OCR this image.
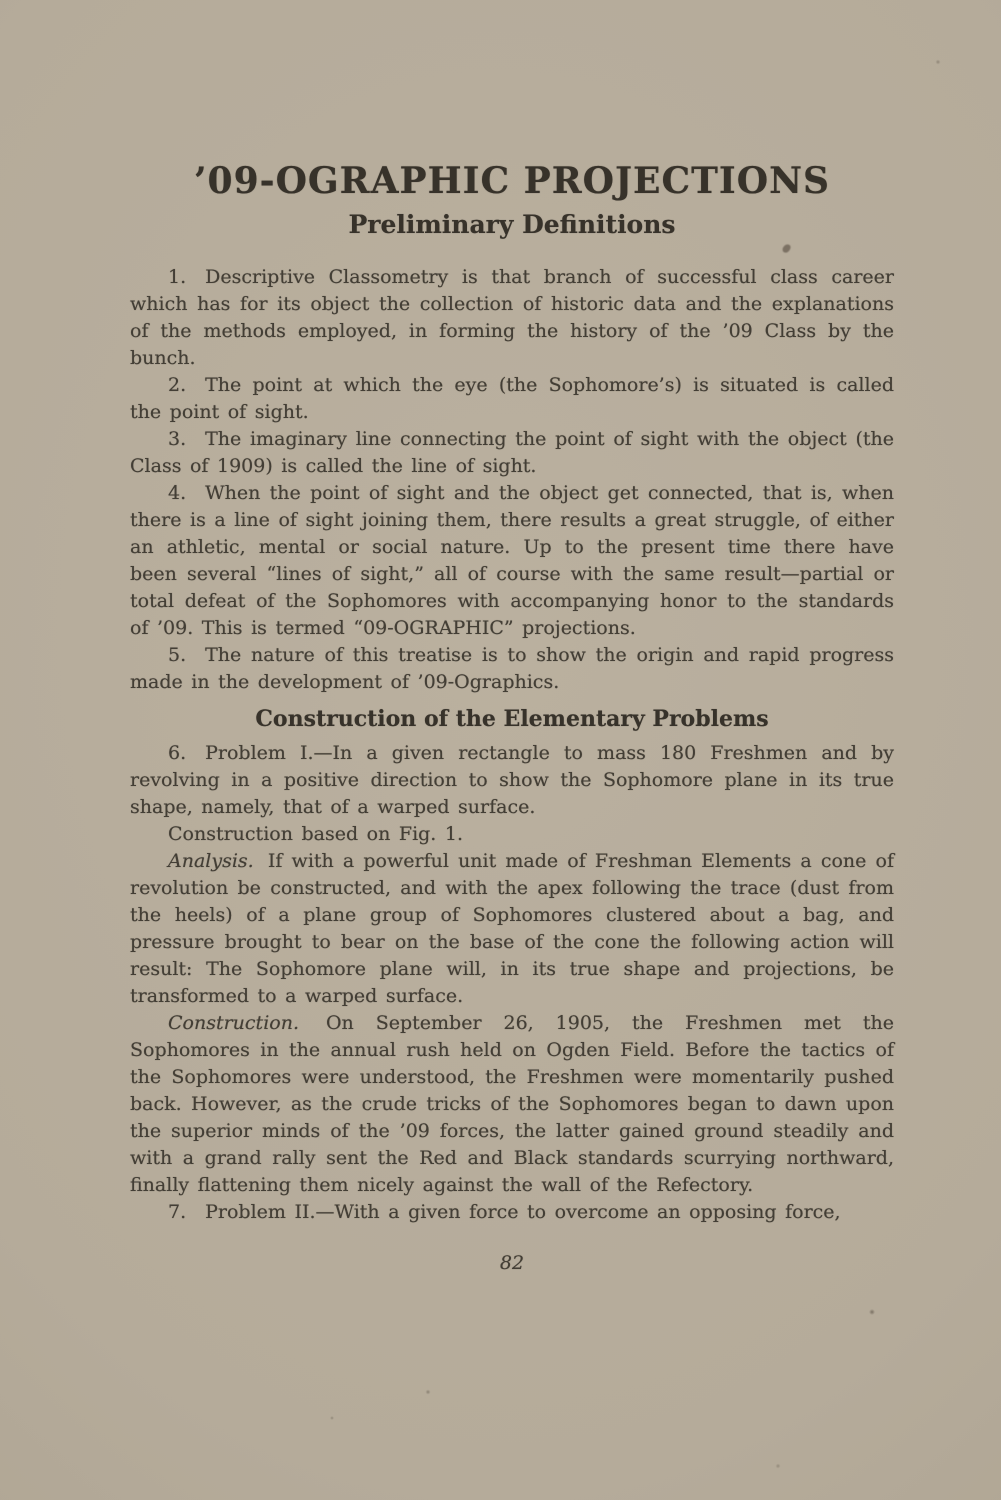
’09-OGRAPHIC PROJECTIONS
Preliminary Definitions

1. Descriptive Classometry is that branch of successful class career which has for its object the collection of historic data and the explanations of the methods employed, in forming the history of the ’09 Class by the bunch.

2. The point at which the eye (the Sophomore’s) is situated is called the point of sight.

3. The imaginary line connecting the point of sight with the object (the Class of 1909) is called the line of sight.

4. When the point of sight and the object get connected, that is, when there is a line of sight joining them, there results a great struggle, of either an athletic, mental or social nature. Up to the present time there have been several “lines of sight,” all of course with the same result—partial or total defeat of the Sophomores with accompanying honor to the standards of ’09. This is termed “09-OGRAPHIC” projections.

5. The nature of this treatise is to show the origin and rapid progress made in the development of ’09-Ographics.

Construction of the Elementary Problems

6. Problem I.—In a given rectangle to mass 180 Freshmen and by revolving in a positive direction to show the Sophomore plane in its true shape, namely, that of a warped surface.

Construction based on Fig. 1.

Analysis. If with a powerful unit made of Freshman Elements a cone of revolution be constructed, and with the apex following the trace (dust from the heels) of a plane group of Sophomores clustered about a bag, and pressure brought to bear on the base of the cone the following action will result: The Sophomore plane will, in its true shape and projections, be transformed to a warped surface.

Construction. On September 26, 1905, the Freshmen met the Sophomores in the annual rush held on Ogden Field. Before the tactics of the Sophomores were understood, the Freshmen were momentarily pushed back. However, as the crude tricks of the Sophomores began to dawn upon the superior minds of the ’09 forces, the latter gained ground steadily and with a grand rally sent the Red and Black standards scurrying northward, finally flattening them nicely against the wall of the Refectory.

7. Problem II.—With a given force to overcome an opposing force,

82
